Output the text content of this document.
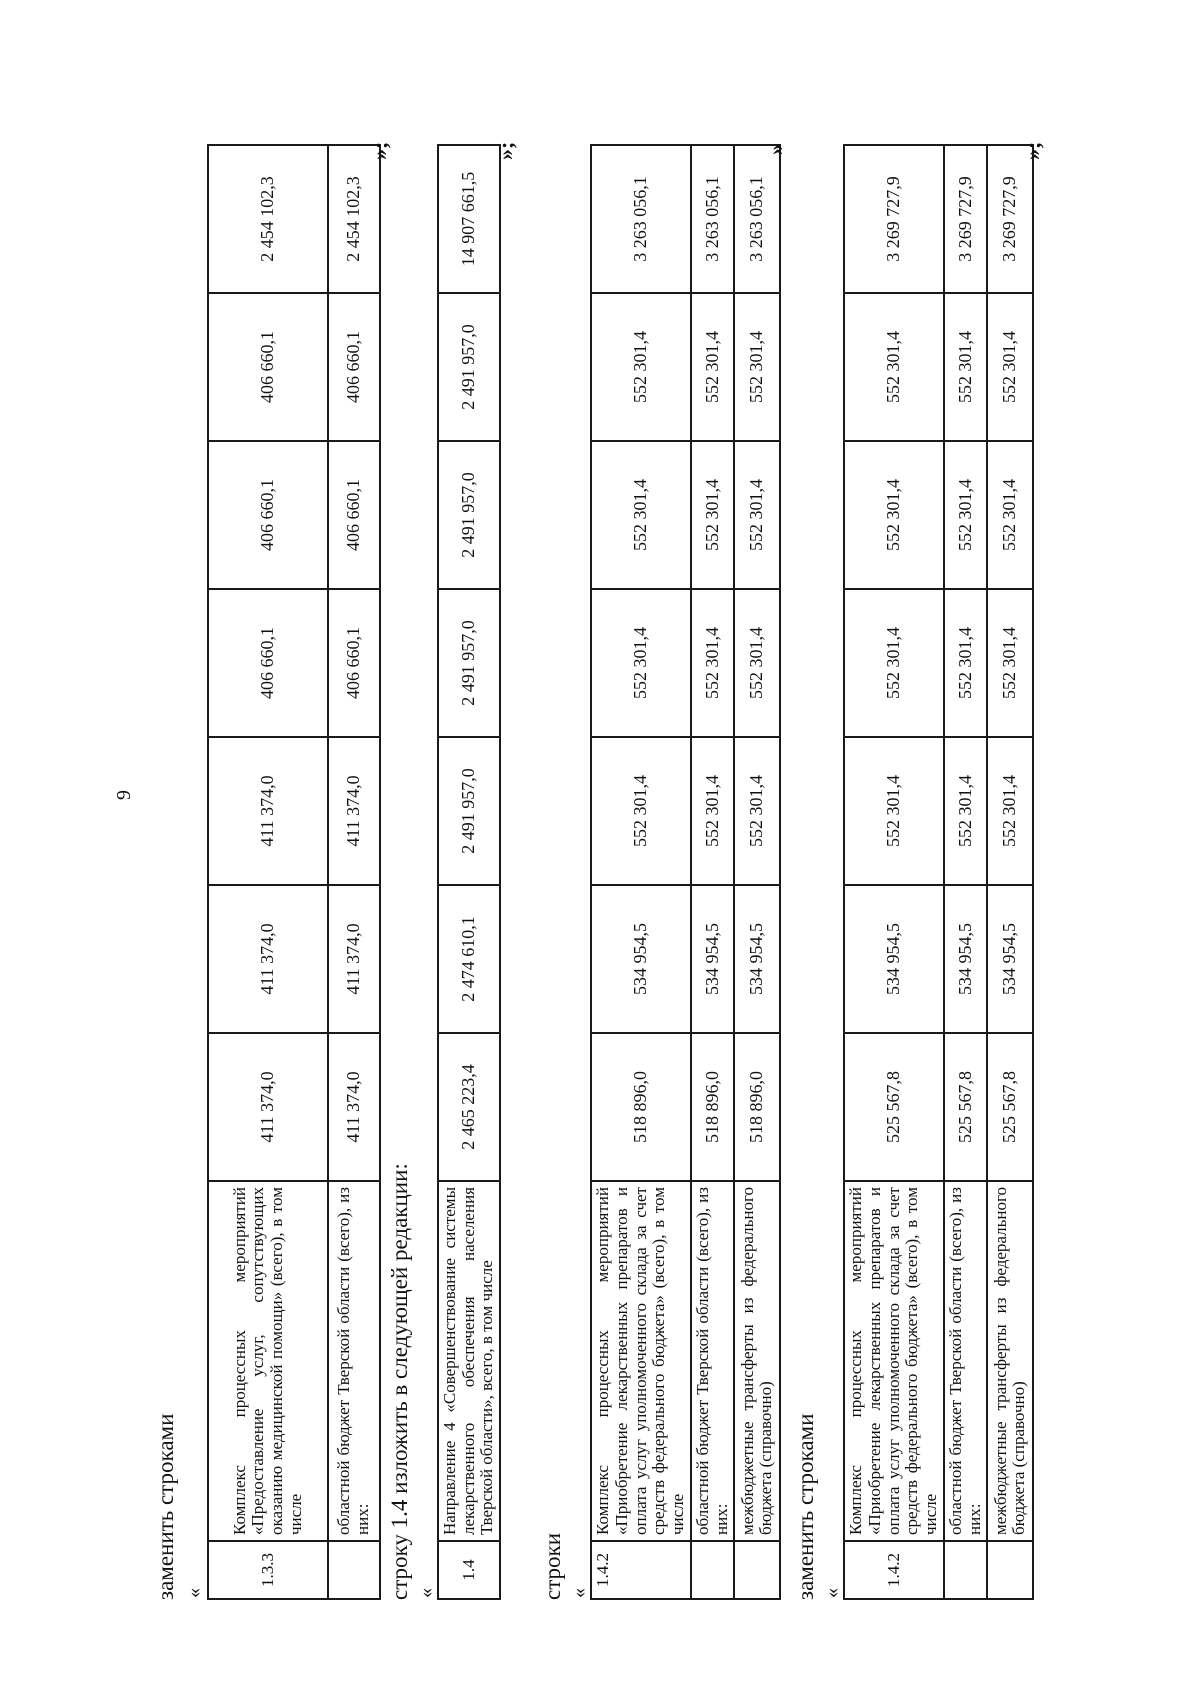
9
заменить строками «
1.3.3	Комплекс процессных мероприятий «Предоставление услуг, сопутствующих оказанию медицинской помощи» (всего), в том числе	411 374,0	411 374,0	411 374,0	406 660,1	406 660,1	406 660,1	2 454 102,3
	областной бюджет Тверской области (всего), из них:	411 374,0	411 374,0	411 374,0	406 660,1	406 660,1	406 660,1	2 454 102,3
»;
строку 1.4 изложить в следующей редакции: «
1.4	Направление 4 «Совершенствование системы лекарственного обеспечения населения Тверской области», всего, в том числе	2 465 223,4	2 474 610,1	2 491 957,0	2 491 957,0	2 491 957,0	2 491 957,0	14 907 661,5
»;
строки «
1.4.2	Комплекс процессных мероприятий «Приобретение лекарственных препаратов и оплата услуг уполномоченного склада за счет средств федерального бюджета» (всего), в том числе	518 896,0	534 954,5	552 301,4	552 301,4	552 301,4	552 301,4	3 263 056,1
	областной бюджет Тверской области (всего), из них:	518 896,0	534 954,5	552 301,4	552 301,4	552 301,4	552 301,4	3 263 056,1
	межбюджетные трансферты из федерального бюджета (справочно)	518 896,0	534 954,5	552 301,4	552 301,4	552 301,4	552 301,4	3 263 056,1
»
заменить строками «
1.4.2	Комплекс процессных мероприятий «Приобретение лекарственных препаратов и оплата услуг уполномоченного склада за счет средств федерального бюджета» (всего), в том числе	525 567,8	534 954,5	552 301,4	552 301,4	552 301,4	552 301,4	3 269 727,9
	областной бюджет Тверской области (всего), из них:	525 567,8	534 954,5	552 301,4	552 301,4	552 301,4	552 301,4	3 269 727,9
	межбюджетные трансферты из федерального бюджета (справочно)	525 567,8	534 954,5	552 301,4	552 301,4	552 301,4	552 301,4	3 269 727,9
»;
